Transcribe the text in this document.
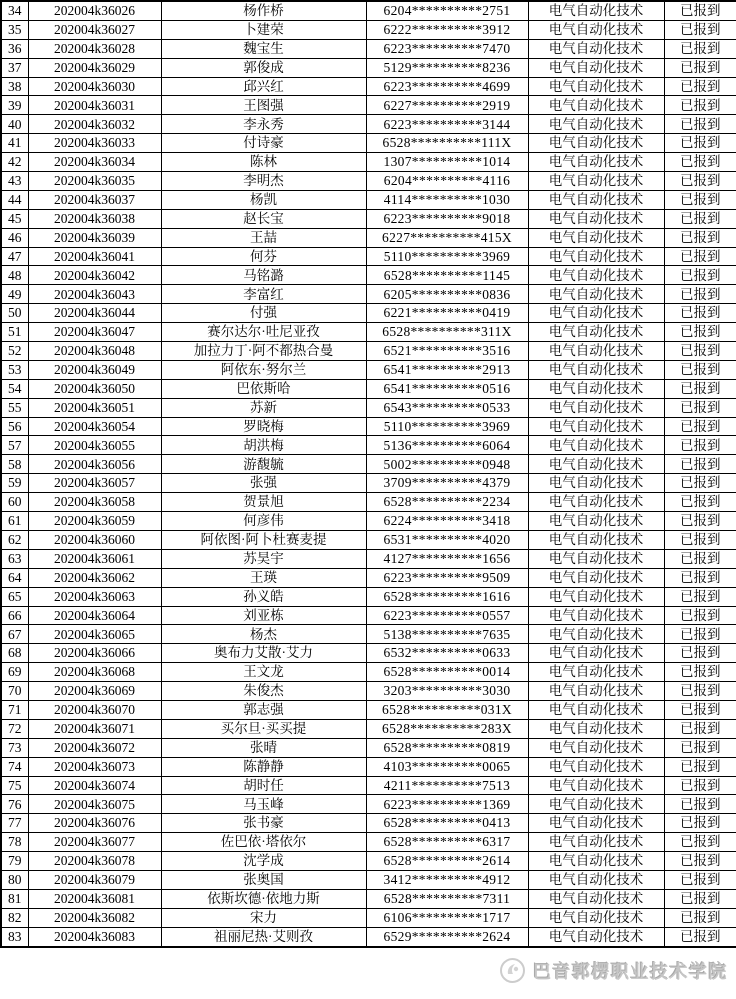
34	202004k36026	杨作桥	6204**********2751	电气自动化技术	已报到
35	202004k36027	卜建荣	6222**********3912	电气自动化技术	已报到
36	202004k36028	魏宝生	6223**********7470	电气自动化技术	已报到
37	202004k36029	郭俊成	5129**********8236	电气自动化技术	已报到
38	202004k36030	邱兴红	6223**********4699	电气自动化技术	已报到
39	202004k36031	王图强	6227**********2919	电气自动化技术	已报到
40	202004k36032	李永秀	6223**********3144	电气自动化技术	已报到
41	202004k36033	付诗豪	6528**********111X	电气自动化技术	已报到
42	202004k36034	陈林	1307**********1014	电气自动化技术	已报到
43	202004k36035	李明杰	6204**********4116	电气自动化技术	已报到
44	202004k36037	杨凯	4114**********1030	电气自动化技术	已报到
45	202004k36038	赵长宝	6223**********9018	电气自动化技术	已报到
46	202004k36039	王喆	6227**********415X	电气自动化技术	已报到
47	202004k36041	何芬	5110**********3969	电气自动化技术	已报到
48	202004k36042	马铭潞	6528**********1145	电气自动化技术	已报到
49	202004k36043	李富红	6205**********0836	电气自动化技术	已报到
50	202004k36044	付强	6221**********0419	电气自动化技术	已报到
51	202004k36047	赛尔达尔·吐尼亚孜	6528**********311X	电气自动化技术	已报到
52	202004k36048	加拉力丁·阿不都热合曼	6521**********3516	电气自动化技术	已报到
53	202004k36049	阿依东·努尔兰	6541**********2913	电气自动化技术	已报到
54	202004k36050	巴依斯哈	6541**********0516	电气自动化技术	已报到
55	202004k36051	苏新	6543**********0533	电气自动化技术	已报到
56	202004k36054	罗晓梅	5110**********3969	电气自动化技术	已报到
57	202004k36055	胡洪梅	5136**********6064	电气自动化技术	已报到
58	202004k36056	游馥毓	5002**********0948	电气自动化技术	已报到
59	202004k36057	张强	3709**********4379	电气自动化技术	已报到
60	202004k36058	贺景旭	6528**********2234	电气自动化技术	已报到
61	202004k36059	何彦伟	6224**********3418	电气自动化技术	已报到
62	202004k36060	阿依图·阿卜杜赛麦提	6531**********4020	电气自动化技术	已报到
63	202004k36061	苏昊宇	4127**********1656	电气自动化技术	已报到
64	202004k36062	王瑛	6223**********9509	电气自动化技术	已报到
65	202004k36063	孙义皓	6528**********1616	电气自动化技术	已报到
66	202004k36064	刘亚栋	6223**********0557	电气自动化技术	已报到
67	202004k36065	杨杰	5138**********7635	电气自动化技术	已报到
68	202004k36066	奥布力艾散·艾力	6532**********0633	电气自动化技术	已报到
69	202004k36068	王文龙	6528**********0014	电气自动化技术	已报到
70	202004k36069	朱俊杰	3203**********3030	电气自动化技术	已报到
71	202004k36070	郭志强	6528**********031X	电气自动化技术	已报到
72	202004k36071	买尔旦·买买提	6528**********283X	电气自动化技术	已报到
73	202004k36072	张晴	6528**********0819	电气自动化技术	已报到
74	202004k36073	陈静静	4103**********0065	电气自动化技术	已报到
75	202004k36074	胡时任	4211**********7513	电气自动化技术	已报到
76	202004k36075	马玉峰	6223**********1369	电气自动化技术	已报到
77	202004k36076	张书豪	6528**********0413	电气自动化技术	已报到
78	202004k36077	佐巴依·塔依尔	6528**********6317	电气自动化技术	已报到
79	202004k36078	沈学成	6528**********2614	电气自动化技术	已报到
80	202004k36079	张奥国	3412**********4912	电气自动化技术	已报到
81	202004k36081	依斯坎德·依地力斯	6528**********7311	电气自动化技术	已报到
82	202004k36082	宋力	6106**********1717	电气自动化技术	已报到
83	202004k36083	祖丽尼热·艾则孜	6529**********2624	电气自动化技术	已报到
巴音郭楞职业技术学院
